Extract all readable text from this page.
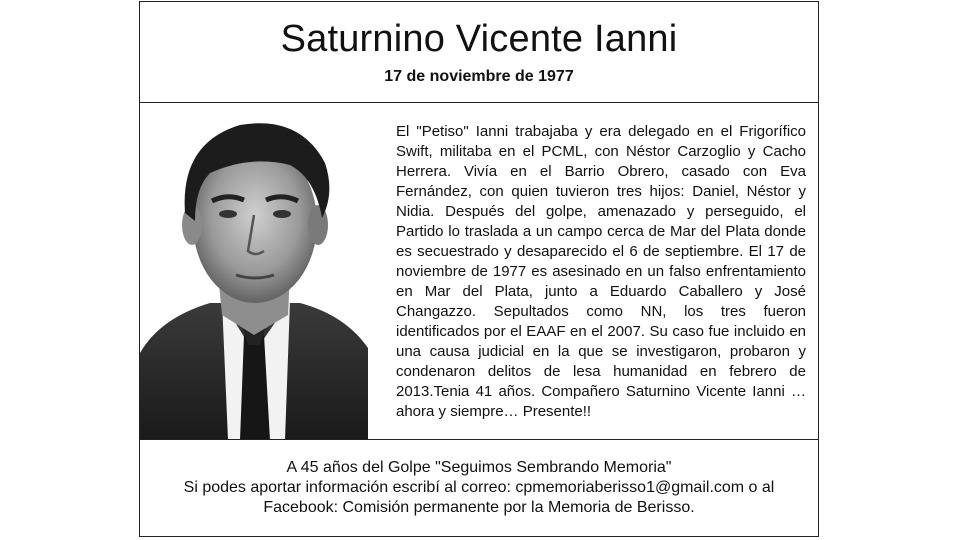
Saturnino Vicente Ianni
17 de noviembre de 1977

El "Petiso" Ianni trabajaba y era delegado en el Frigorífico Swift, militaba en el PCML, con Néstor Carzoglio y Cacho Herrera. Vivía en el Barrio Obrero, casado con Eva Fernández, con quien tuvieron tres hijos: Daniel, Néstor y Nidia. Después del golpe, amenazado y perseguido, el Partido lo traslada a un campo cerca de Mar del Plata donde es secuestrado y desaparecido el 6 de septiembre. El 17 de noviembre de 1977 es asesinado en un falso enfrentamiento en Mar del Plata, junto a Eduardo Caballero y José Changazzo. Sepultados como NN, los tres fueron identificados por el EAAF en el 2007. Su caso fue incluido en una causa judicial en la que se investigaron, probaron y condenaron delitos de lesa humanidad en febrero de 2013.Tenia 41 años. Compañero Saturnino Vicente Ianni … ahora y siempre… Presente!!

A 45 años del Golpe "Seguimos Sembrando Memoria"
Si podes aportar información escribí al correo: cpmemoriaberisso1@gmail.com o al
Facebook: Comisión permanente por la Memoria de Berisso.
